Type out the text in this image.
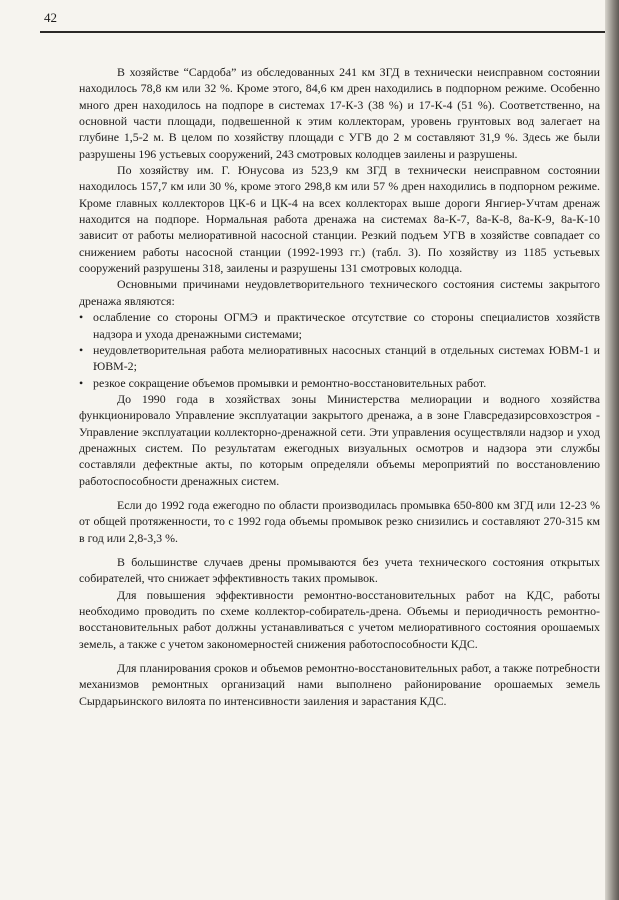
42

В хозяйстве “Сардоба” из обследованных 241 км ЗГД в технически неисправном состоянии находилось 78,8 км или 32 %. Кроме этого, 84,6 км дрен находились в подпорном режиме. Особенно много дрен находилось на подпоре в системах 17-К-3 (38 %) и 17-К-4 (51 %). Соответственно, на основной части площади, подвешенной к этим коллекторам, уровень грунтовых вод залегает на глубине 1,5-2 м. В целом по хозяйству площади с УГВ до 2 м составляют 31,9 %. Здесь же были разрушены 196 устьевых сооружений, 243 смотровых колодцев заилены и разрушены.

По хозяйству им. Г. Юнусова из 523,9 км ЗГД в технически неисправном состоянии находилось 157,7 км или 30 %, кроме этого 298,8 км или 57 % дрен находились в подпорном режиме. Кроме главных коллекторов ЦК-6 и ЦК-4 на всех коллекторах выше дороги Янгиер-Учтам дренаж находится на подпоре. Нормальная работа дренажа на системах 8а-К-7, 8а-К-8, 8а-К-9, 8а-К-10 зависит от работы мелиоративной насосной станции. Резкий подъем УГВ в хозяйстве совпадает со снижением работы насосной станции (1992-1993 гг.) (табл. 3). По хозяйству из 1185 устьевых сооружений разрушены 318, заилены и разрушены 131 смотровых колодца.

Основными причинами неудовлетворительного технического состояния системы закрытого дренажа являются:

• ослабление со стороны ОГМЭ и практическое отсутствие со стороны специалистов хозяйств надзора и ухода дренажными системами;
• неудовлетворительная работа мелиоративных насосных станций в отдельных системах ЮВМ-1 и ЮВМ-2;
• резкое сокращение объемов промывки и ремонтно-восстановительных работ.

До 1990 года в хозяйствах зоны Министерства мелиорации и водного хозяйства функционировало Управление эксплуатации закрытого дренажа, а в зоне Главсредазирсовхозстроя - Управление эксплуатации коллекторно-дренажной сети. Эти управления осуществляли надзор и уход дренажных систем. По результатам ежегодных визуальных осмотров и надзора эти службы составляли дефектные акты, по которым определяли объемы мероприятий по восстановлению работоспособности дренажных систем.

Если до 1992 года ежегодно по области производилась промывка 650-800 км ЗГД или 12-23 % от общей протяженности, то с 1992 года объемы промывок резко снизились и составляют 270-315 км в год или 2,8-3,3 %.

В большинстве случаев дрены промываются без учета технического состояния открытых собирателей, что снижает эффективность таких промывок.

Для повышения эффективности ремонтно-восстановительных работ на КДС, работы необходимо проводить по схеме коллектор-собиратель-дрена. Объемы и периодичность ремонтно-восстановительных работ должны устанавливаться с учетом мелиоративного состояния орошаемых земель, а также с учетом закономерностей снижения работоспособности КДС.

Для планирования сроков и объемов ремонтно-восстановительных работ, а также потребности механизмов ремонтных организаций нами выполнено районирование орошаемых земель Сырдарьинского вилоята по интенсивности заиления и зарастания КДС.
